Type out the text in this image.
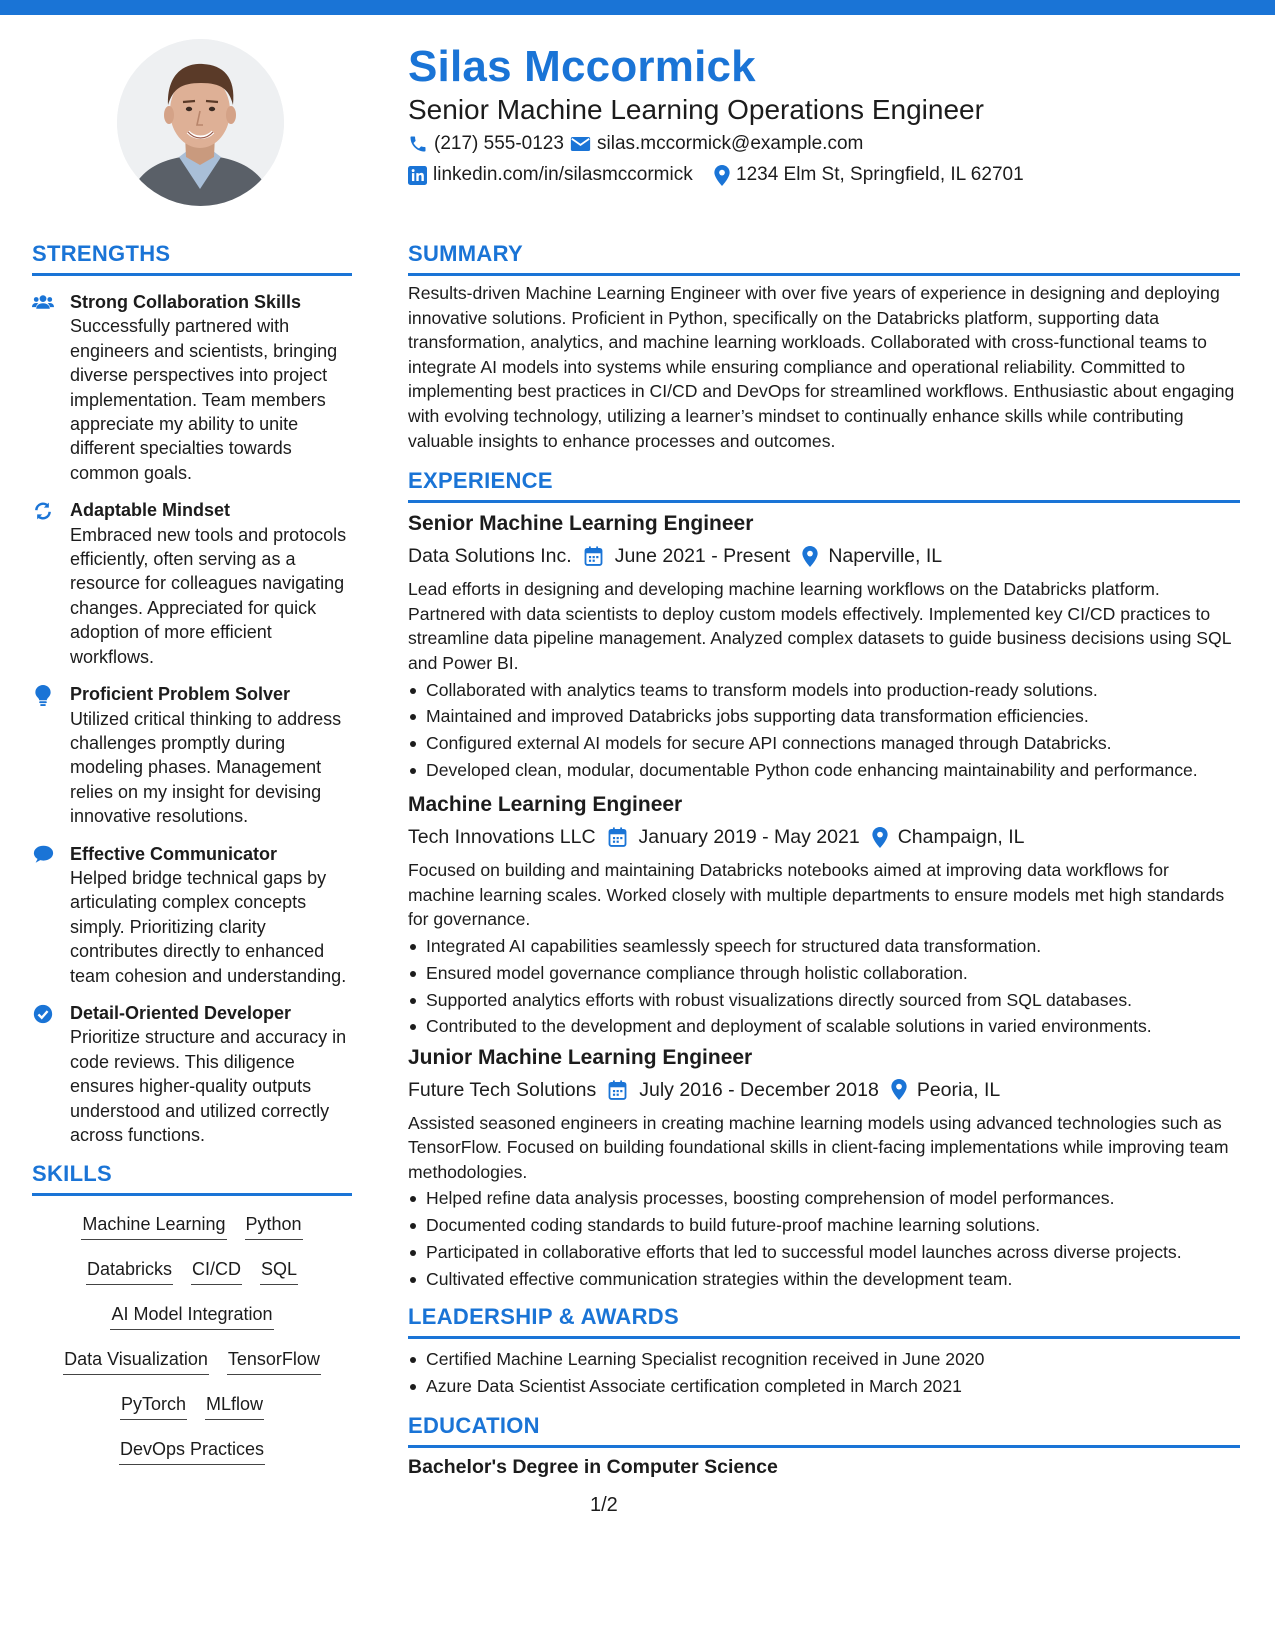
Silas Mccormick
Senior Machine Learning Operations Engineer
(217) 555-0123 silas.mccormick@example.com
linkedin.com/in/silasmccormick 1234 Elm St, Springfield, IL 62701
STRENGTHS
Strong Collaboration Skills
Successfully partnered with engineers and scientists, bringing diverse perspectives into project implementation. Team members appreciate my ability to unite different specialties towards common goals.
Adaptable Mindset
Embraced new tools and protocols efficiently, often serving as a resource for colleagues navigating changes. Appreciated for quick adoption of more efficient workflows.
Proficient Problem Solver
Utilized critical thinking to address challenges promptly during modeling phases. Management relies on my insight for devising innovative resolutions.
Effective Communicator
Helped bridge technical gaps by articulating complex concepts simply. Prioritizing clarity contributes directly to enhanced team cohesion and understanding.
Detail-Oriented Developer
Prioritize structure and accuracy in code reviews. This diligence ensures higher-quality outputs understood and utilized correctly across functions.
SKILLS
Machine Learning Python
Databricks CI/CD SQL
AI Model Integration
Data Visualization TensorFlow
PyTorch MLflow
DevOps Practices
SUMMARY
Results-driven Machine Learning Engineer with over five years of experience in designing and deploying innovative solutions. Proficient in Python, specifically on the Databricks platform, supporting data transformation, analytics, and machine learning workloads. Collaborated with cross-functional teams to integrate AI models into systems while ensuring compliance and operational reliability. Committed to implementing best practices in CI/CD and DevOps for streamlined workflows. Enthusiastic about engaging with evolving technology, utilizing a learner’s mindset to continually enhance skills while contributing valuable insights to enhance processes and outcomes.
EXPERIENCE
Senior Machine Learning Engineer
Data Solutions Inc. June 2021 - Present Naperville, IL
Lead efforts in designing and developing machine learning workflows on the Databricks platform. Partnered with data scientists to deploy custom models effectively. Implemented key CI/CD practices to streamline data pipeline management. Analyzed complex datasets to guide business decisions using SQL and Power BI.
Collaborated with analytics teams to transform models into production-ready solutions.
Maintained and improved Databricks jobs supporting data transformation efficiencies.
Configured external AI models for secure API connections managed through Databricks.
Developed clean, modular, documentable Python code enhancing maintainability and performance.
Machine Learning Engineer
Tech Innovations LLC January 2019 - May 2021 Champaign, IL
Focused on building and maintaining Databricks notebooks aimed at improving data workflows for machine learning scales. Worked closely with multiple departments to ensure models met high standards for governance.
Integrated AI capabilities seamlessly speech for structured data transformation.
Ensured model governance compliance through holistic collaboration.
Supported analytics efforts with robust visualizations directly sourced from SQL databases.
Contributed to the development and deployment of scalable solutions in varied environments.
Junior Machine Learning Engineer
Future Tech Solutions July 2016 - December 2018 Peoria, IL
Assisted seasoned engineers in creating machine learning models using advanced technologies such as TensorFlow. Focused on building foundational skills in client-facing implementations while improving team methodologies.
Helped refine data analysis processes, boosting comprehension of model performances.
Documented coding standards to build future-proof machine learning solutions.
Participated in collaborative efforts that led to successful model launches across diverse projects.
Cultivated effective communication strategies within the development team.
LEADERSHIP & AWARDS
Certified Machine Learning Specialist recognition received in June 2020
Azure Data Scientist Associate certification completed in March 2021
EDUCATION
Bachelor's Degree in Computer Science
1/2
